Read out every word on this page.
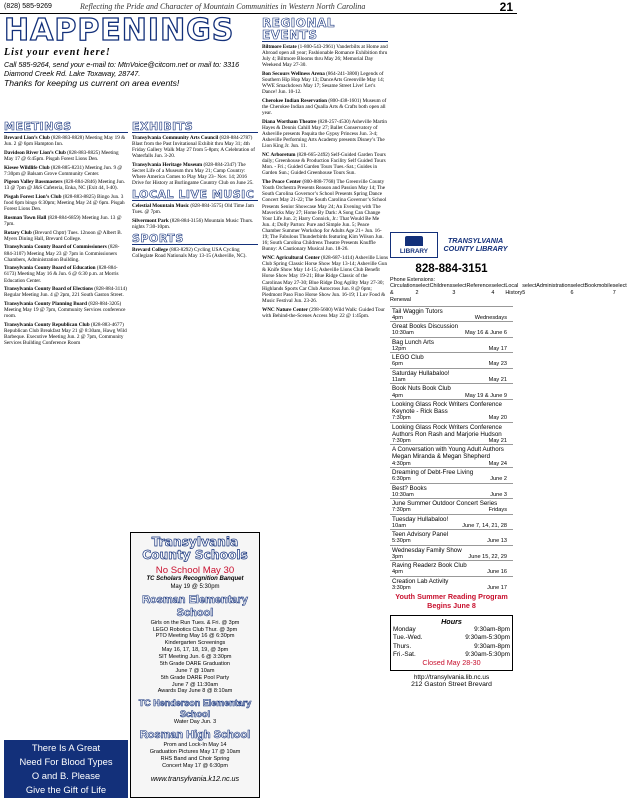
(828) 585-9269	Reflecting the Pride and Character of Mountain Communities in Western North Carolina	21
HAPPENINGS
List your event here!
Call 585-9264, send your e-mail to: MtnVoice@citcom.net or mail to: 3316 Diamond Creek Rd. Lake Toxaway, 28747.
Thanks for keeping us current on area events!
MEETINGS
Brevard Lion’s Club (828-883-8828) Meeting May 19 & Jun. 2 @ 6pm Hampton Inn.
Davidson River Lion’s Club (828-883-8825) Meeting May 17 @ 6:45pm. Pisgah Forest Lions Den.
Kiesee Wildlife Club (828-885-8231) Meeting Jun. 9 @ 7:30pm @ Balsam Grove Community Center.
Pigeon Valley Bassmasters (828-884-2846) Meeting Jun. 13 @ 7pm @ J&S Cafeteria, Enka, NC (Exit 44, I-40).
Pisgah Forest Lion’s Club (828-883-8825) Bingo Jun. 3 food 6pm bingo 6:30pm; Meeting May 24 @ 6pm. Pisgah Forest Lions Den.
Rosman Town Hall (828-884-6859) Meeting Jun. 13 @ 7pm.
Rotary Club (Brevard Chptr) Tues. 12noon @ Albert B. Myers Dining Hall, Brevard College.
Transylvania County Board of Commissioners (828-884-3107) Meeting May 23 @ 7pm in Commissioners Chambers, Administration Building.
Transylvania County Board of Education (828-884-6173) Meeting May 16 & Jun. 6 @ 6:30 p.m. at Morris Education Center.
Transylvania County Board of Elections (828-884-3114) Regular Meeting Jun. 4 @ 2pm, 221 South Gaston Street.
Transylvania County Planning Board (828-884-3205) Meeting May 19 @ 7pm, Community Services conference room.
Transylvania County Republican Club (828-883-4677) Republican Club Breakfast May 21 @ 8:30am, Hawg Wild Barbeque. Executive Meeting Jun. 2 @ 7pm, Community Services Building Conference Room
There Is A Great
Need For Blood Types
O and B. Please
Give the Gift of Life
EXHIBITS
Transylvania Community Arts Council (828-884-2787) Blast from the Past Invitational Exhibit thru May 31; 4th Friday Gallery Walk May 27 from 5-8pm; A Celebration of Waterfalls Jun. 3-20.
Transylvania Heritage Museum (828-884-2347) The Secret Life of a Museum thru May 21; Camp Country: Where America Comes to Play May 23– Nov. 14; 2016 Drive for History at Burlingame Country Club on June 25.
LOCAL LIVE MUSIC
Celestial Mountain Music (828-884-3575) Old Time Jam Tues. @ 7pm.
Silvermont Park (828-884-3156) Mountain Music Thurs. nights 7:30-10pm.
SPORTS
Brevard College (883-8292) Cycling USA Cycling Collegiate Road Nationals May 13-15 (Asheville, NC).
Transylvania County Schools
No School May 30
TC Scholars Recognition Banquet
May 19 @ 5:30pm
Rosman Elementary School
Girls on the Run Tues. & Fri. @ 3pm
LEGO Robotics Club Thur. @ 3pm
PTO Meeting May 16 @ 6:30pm
Kindergarten Screenings
May 16, 17, 18, 19, @ 3pm
SIT Meeting Jun. 6 @ 3:30pm
5th Grade DARE Graduation
June 7 @ 10am
5th Grade DARE Pool Party
June 7 @ 11:30am
Awards Day June 8 @ 8:10am
TC Henderson Elementary School
Water Day Jun. 3
Rosman High School
Prom and Lock-In May 14
Graduation Pictures May 17 @ 10am
RHS Band and Choir Spring
Concert May 17 @ 6:30pm
www.transylvania.k12.nc.us
REGIONAL EVENTS
Biltmore Estate (1-800-543-2961) Vanderbilts at Home and Abroad open all year; Fashionable Romance Exhibition thru July 4; Biltmore Blooms thru May 26; Memorial Day Weekend May 27-30.
Bon Secours Wellness Arena (864-241-3800) Legends of Southern Hip Hop May 13; DanceArts Greenville May 14; WWE Smackdown May 17; Sesame Street Live! Let’s Dance! Jun. 10-12.
Cherokee Indian Reservation (800-438-1601) Museum of the Cherokee Indian and Qualla Arts & Crafts both open all year.
Diana Wortham Theatre (828-257-4530) Asheville Martin Hayes & Dennis Cahill May 27; Ballet Conservatory of Asheville presents Paquita the Gypsy Princess Jun. 3-4; Asheville Performing Arts Academy presents Disney’s The Lion King Jr. Jun. 11.
NC Arboretum (828-665-2492) Self-Guided Garden Tours daily; Greenhouse & Production Facility Self Guided Tours Mon. - Fri.; Guided Garden Tours Tues.-Sat.; Guides in Garden Sun.; Guided Greenhouse Tours Sun.
The Peace Center (800-888-7768) The Greenville County Youth Orchestra Presents Reason and Passion May 14; The South Carolina Governor’s School Presents Spring Dance Concert May 21-22; The South Carolina Governor’s School Presents Senior Showcase May 24; An Evening with The Mavericks May 27; Home By Dark: A Song Can Change Your Life Jun. 2; Harry Connick, Jr.: That Would Be Me Jun. 4; Dolly Parton: Pure and Simple Jun. 5; Peace Chamber Summer Workshop for Adults Age 21+ Jun. 16-19; The Fabulous Thunderbirds featuring Kim Wilson Jun. 16; South Carolina Childrens Theatre Presents Knuffle Bunny: A Cautionary Musical Jun. 18-26.
WNC Agricultural Center (828-687-1414) Asheville Lions Club Spring Classic Horse Show May 13-14; Asheville Gun & Knife Show May 14-15; Asheville Lions Club Benefit Horse Show May 19-21; Blue Ridge Classic of the Carolinas May 27-30; Blue Ridge Dog Agility May 27-30; Highlands Sports Car Club Autocross Jun. 8 @ 6pm; Piedmont Paso Fino Horse Show Jun. 16-19; I Luv Food & Music Festival Jun. 23-26.
WNC Nature Center (298-5600) Wild Walk: Guided Tour with Behind-the-Scenes Access May 22 @ 1:45pm.
LIBRARY
TRANSYLVANIA COUNTY LIBRARY
828-884-3151
Phone Extensions:
Circulation & Renewal
select 2
Childrens select 3
Reference select 4
Local History
select 5
Administration select 6
Bookmobile select 7
Tail Waggin Tutors
4pm	Wednesdays
Great Books Discussion
10:30am	May 16 & June 6
Bag Lunch Arts
12pm	May 17
LEGO Club
6pm	May 23
Saturday Hullabaloo!
11am	May 21
Book Nuts Book Club
4pm	May 19 & June 9
Looking Glass Rock Writers Conference Keynote - Rick Bass
7:30pm	May 20
Looking Glass Rock Writers Conference Authors Ron Rash and Marjorie Hudson
7:30pm	May 21
A Conversation with Young Adult Authors Megan Miranda & Megan Shepherd
4:30pm	May 24
Dreaming of Debt-Free Living
6:30pm	June 2
Best? Books
10:30am	June 3
June Summer Outdoor Concert Series
7:30pm	Fridays
Tuesday Hullabaloo!
10am	June 7, 14, 21, 28
Teen Advisory Panel
5:30pm	June 13
Wednesday Family Show
3pm	June 15, 22, 29
Raving Readerz Book Club
4pm	June 16
Creation Lab Activity
3:30pm	June 17
Youth Summer Reading Program Begins June 8
Hours
Monday	9:30am-8pm
Tue.-Wed.	9:30am-5:30pm
Thurs.	9:30am-8pm
Fri.-Sat.	9:30am-5:30pm
Closed May 28-30
http://transylvania.lib.nc.us
212 Gaston Street Brevard
